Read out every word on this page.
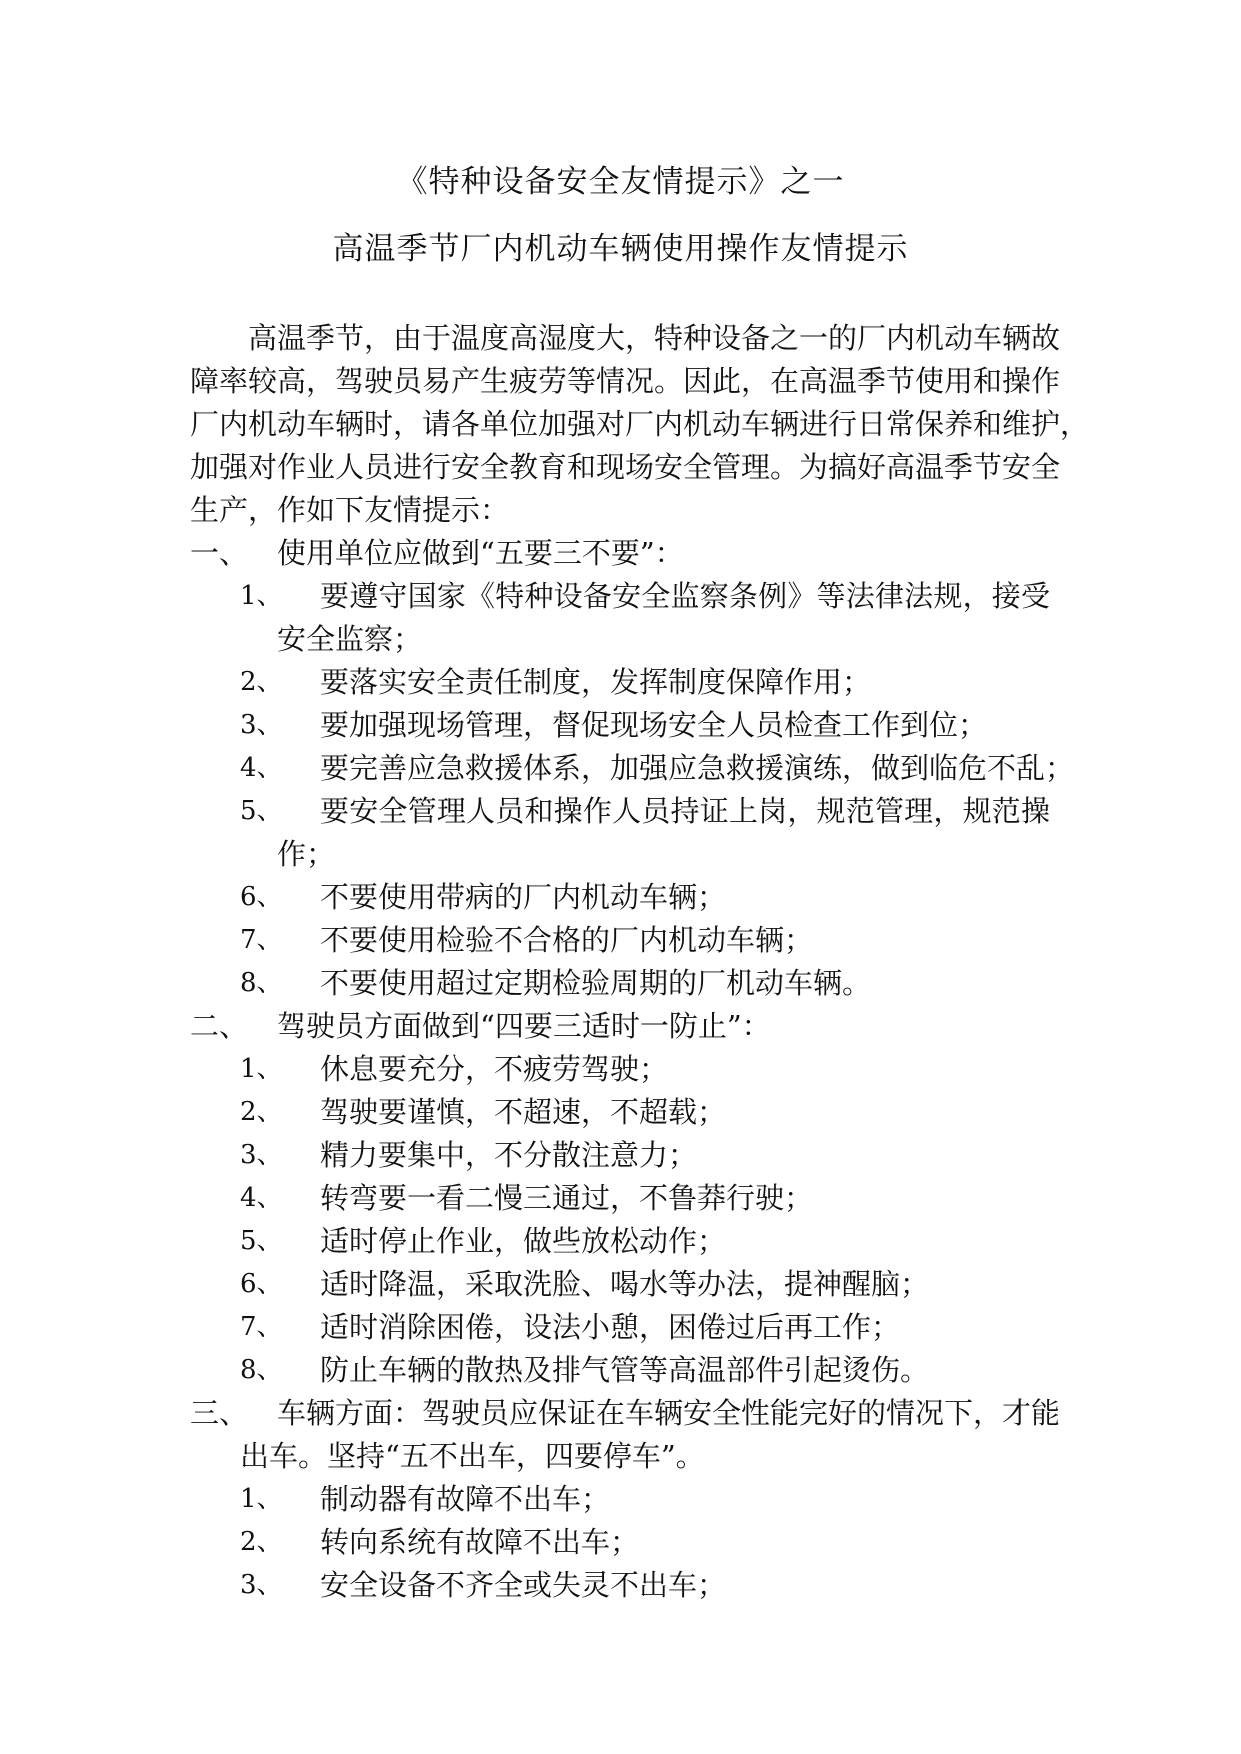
《特种设备安全友情提示》之一
高温季节厂内机动车辆使用操作友情提示
高温季节，由于温度高湿度大，特种设备之一的厂内机动车辆故
障率较高，驾驶员易产生疲劳等情况。因此，在高温季节使用和操作
厂内机动车辆时，请各单位加强对厂内机动车辆进行日常保养和维护，
加强对作业人员进行安全教育和现场安全管理。为搞好高温季节安全
生产，作如下友情提示：
一、 使用单位应做到“五要三不要”：
1、 要遵守国家《特种设备安全监察条例》等法律法规，接受
安全监察；
2、 要落实安全责任制度，发挥制度保障作用；
3、 要加强现场管理，督促现场安全人员检查工作到位；
4、 要完善应急救援体系，加强应急救援演练，做到临危不乱；
5、 要安全管理人员和操作人员持证上岗，规范管理，规范操
作；
6、 不要使用带病的厂内机动车辆；
7、 不要使用检验不合格的厂内机动车辆；
8、 不要使用超过定期检验周期的厂机动车辆。
二、 驾驶员方面做到“四要三适时一防止”：
1、 休息要充分，不疲劳驾驶；
2、 驾驶要谨慎，不超速，不超载；
3、 精力要集中，不分散注意力；
4、 转弯要一看二慢三通过，不鲁莽行驶；
5、 适时停止作业，做些放松动作；
6、 适时降温，采取洗脸、喝水等办法，提神醒脑；
7、 适时消除困倦，设法小憩，困倦过后再工作；
8、 防止车辆的散热及排气管等高温部件引起烫伤。
三、 车辆方面：驾驶员应保证在车辆安全性能完好的情况下，才能
出车。坚持“五不出车，四要停车”。
1、 制动器有故障不出车；
2、 转向系统有故障不出车；
3、 安全设备不齐全或失灵不出车；
